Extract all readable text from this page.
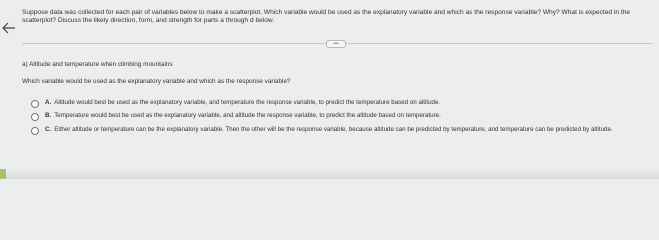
Suppose data was collected for each pair of variables below to make a scatterplot. Which variable would be used as the explanatory variable and which as the response variable? Why? What is expected in the scatterplot? Discuss the likely direction, form, and strength for parts a through d below.
•••
a) Altitude and temperature when climbing mountains
Which variable would be used as the explanatory variable and which as the response variable?
A. Altitude would best be used as the explanatory variable, and temperature the response variable, to predict the temperature based on altitude.
B. Temperature would best be used as the explanatory variable, and altitude the response variable, to predict the altitude based on temperature.
C. Either altitude or temperature can be the explanatory variable. Then the other will be the response variable, because altitude can be predicted by temperature, and temperature can be predicted by altitude.
